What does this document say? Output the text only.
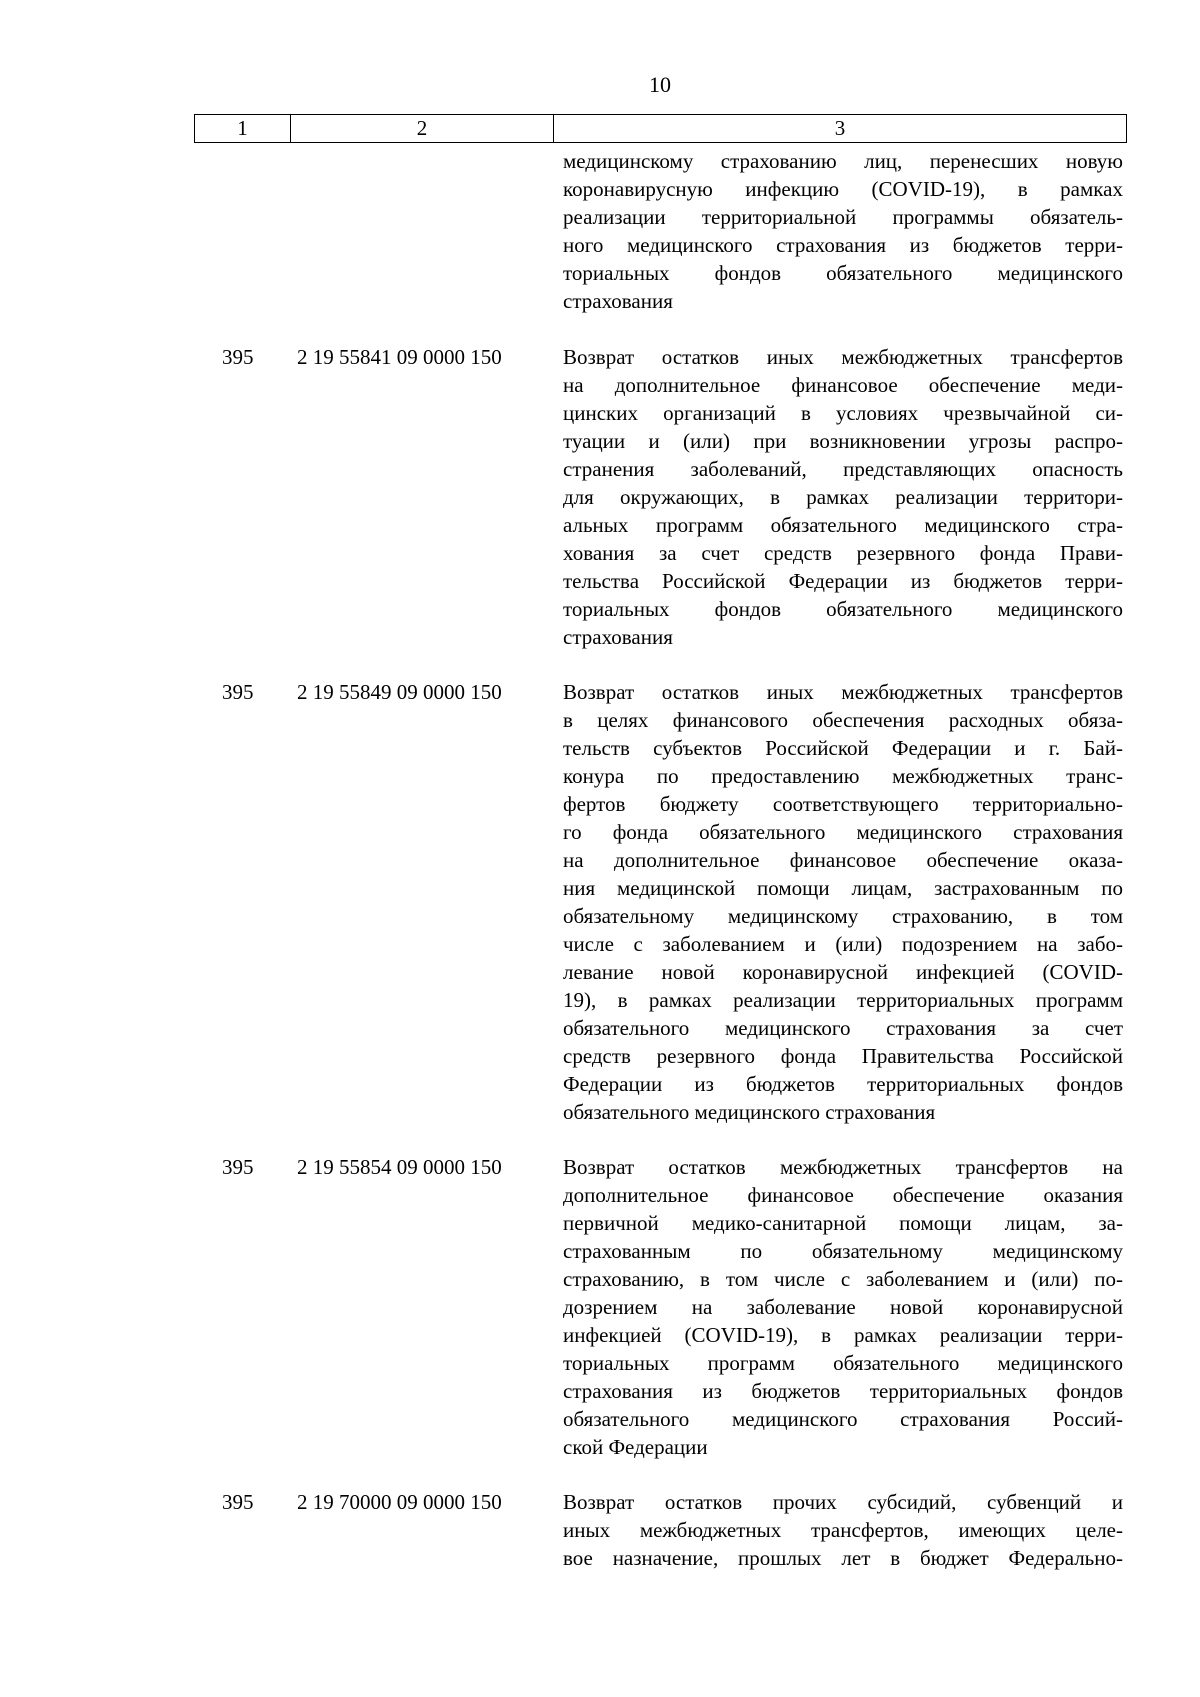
10
1	2	3
медицинскому страхованию лиц, перенесших новую
коронавирусную инфекцию (COVID-19), в рамках
реализации территориальной программы обязатель-
ного медицинского страхования из бюджетов терри-
ториальных фондов обязательного медицинского
страхования
395	2 19 55841 09 0000 150	Возврат остатков иных межбюджетных трансфертов
на дополнительное финансовое обеспечение меди-
цинских организаций в условиях чрезвычайной си-
туации и (или) при возникновении угрозы распро-
странения заболеваний, представляющих опасность
для окружающих, в рамках реализации территори-
альных программ обязательного медицинского стра-
хования за счет средств резервного фонда Прави-
тельства Российской Федерации из бюджетов терри-
ториальных фондов обязательного медицинского
страхования
395	2 19 55849 09 0000 150	Возврат остатков иных межбюджетных трансфертов
в целях финансового обеспечения расходных обяза-
тельств субъектов Российской Федерации и г. Бай-
конура по предоставлению межбюджетных транс-
фертов бюджету соответствующего территориально-
го фонда обязательного медицинского страхования
на дополнительное финансовое обеспечение оказа-
ния медицинской помощи лицам, застрахованным по
обязательному медицинскому страхованию, в том
числе с заболеванием и (или) подозрением на забо-
левание новой коронавирусной инфекцией (COVID-
19), в рамках реализации территориальных программ
обязательного медицинского страхования за счет
средств резервного фонда Правительства Российской
Федерации из бюджетов территориальных фондов
обязательного медицинского страхования
395	2 19 55854 09 0000 150	Возврат остатков межбюджетных трансфертов на
дополнительное финансовое обеспечение оказания
первичной медико-санитарной помощи лицам, за-
страхованным по обязательному медицинскому
страхованию, в том числе с заболеванием и (или) по-
дозрением на заболевание новой коронавирусной
инфекцией (COVID-19), в рамках реализации терри-
ториальных программ обязательного медицинского
страхования из бюджетов территориальных фондов
обязательного медицинского страхования Россий-
ской Федерации
395	2 19 70000 09 0000 150	Возврат остатков прочих субсидий, субвенций и
иных межбюджетных трансфертов, имеющих целе-
вое назначение, прошлых лет в бюджет Федерально-
